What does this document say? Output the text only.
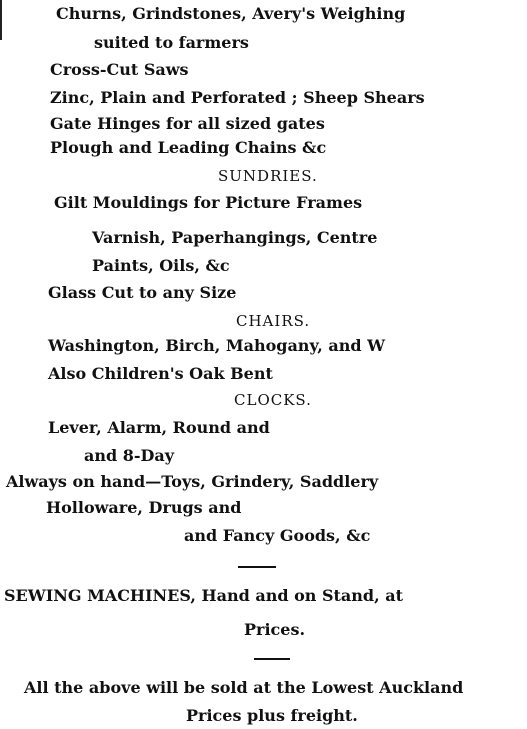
Churns, Grindstones, Avery's Weighing
suited to farmers
Cross-Cut Saws
Zinc, Plain and Perforated ; Sheep Shears
Gate Hinges for all sized gates
Plough and Leading Chains &c
SUNDRIES.
Gilt Mouldings for Picture Frames
Varnish, Paperhangings, Centre
Paints, Oils, &c
Glass Cut to any Size
CHAIRS.
Washington, Birch, Mahogany, and W
Also Children's Oak Bent
CLOCKS.
Lever, Alarm, Round and
and 8-Day
Always on hand—Toys, Grindery, Saddlery
Holloware, Drugs and
and Fancy Goods, &c
SEWING MACHINES, Hand and on Stand, at
Prices.
All the above will be sold at the Lowest Auckland
Prices plus freight.
